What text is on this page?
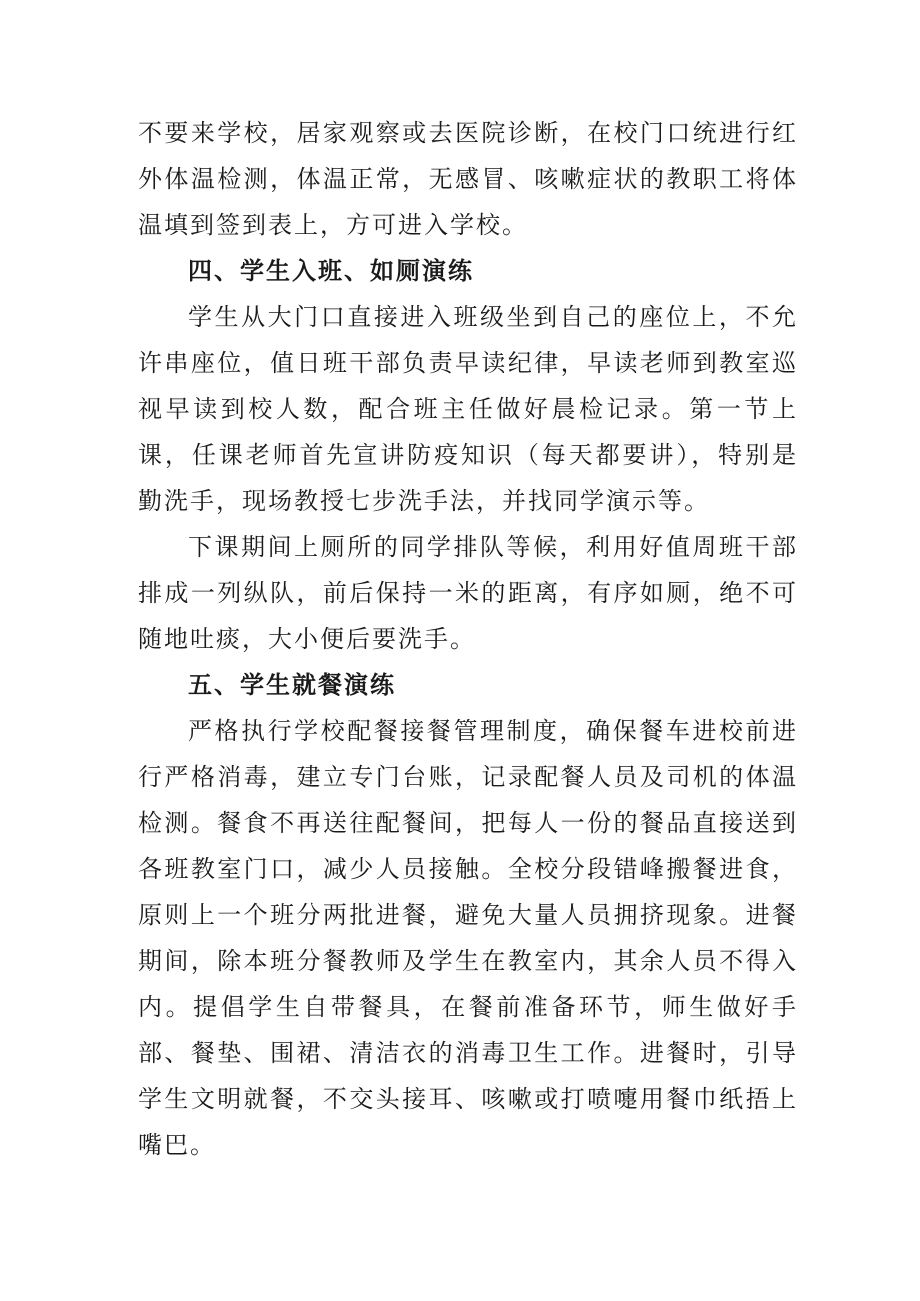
不要来学校，居家观察或去医院诊断，在校门口统进行红外体温检测，体温正常，无感冒、咳嗽症状的教职工将体温填到签到表上，方可进入学校。

四、学生入班、如厕演练

学生从大门口直接进入班级坐到自己的座位上，不允许串座位，值日班干部负责早读纪律，早读老师到教室巡视早读到校人数，配合班主任做好晨检记录。第一节上课，任课老师首先宣讲防疫知识（每天都要讲），特别是勤洗手，现场教授七步洗手法，并找同学演示等。

下课期间上厕所的同学排队等候，利用好值周班干部排成一列纵队，前后保持一米的距离，有序如厕，绝不可随地吐痰，大小便后要洗手。

五、学生就餐演练

严格执行学校配餐接餐管理制度，确保餐车进校前进行严格消毒，建立专门台账，记录配餐人员及司机的体温检测。餐食不再送往配餐间，把每人一份的餐品直接送到各班教室门口，减少人员接触。全校分段错峰搬餐进食，原则上一个班分两批进餐，避免大量人员拥挤现象。进餐期间，除本班分餐教师及学生在教室内，其余人员不得入内。提倡学生自带餐具，在餐前准备环节，师生做好手部、餐垫、围裙、清洁衣的消毒卫生工作。进餐时，引导学生文明就餐，不交头接耳、咳嗽或打喷嚏用餐巾纸捂上嘴巴。
